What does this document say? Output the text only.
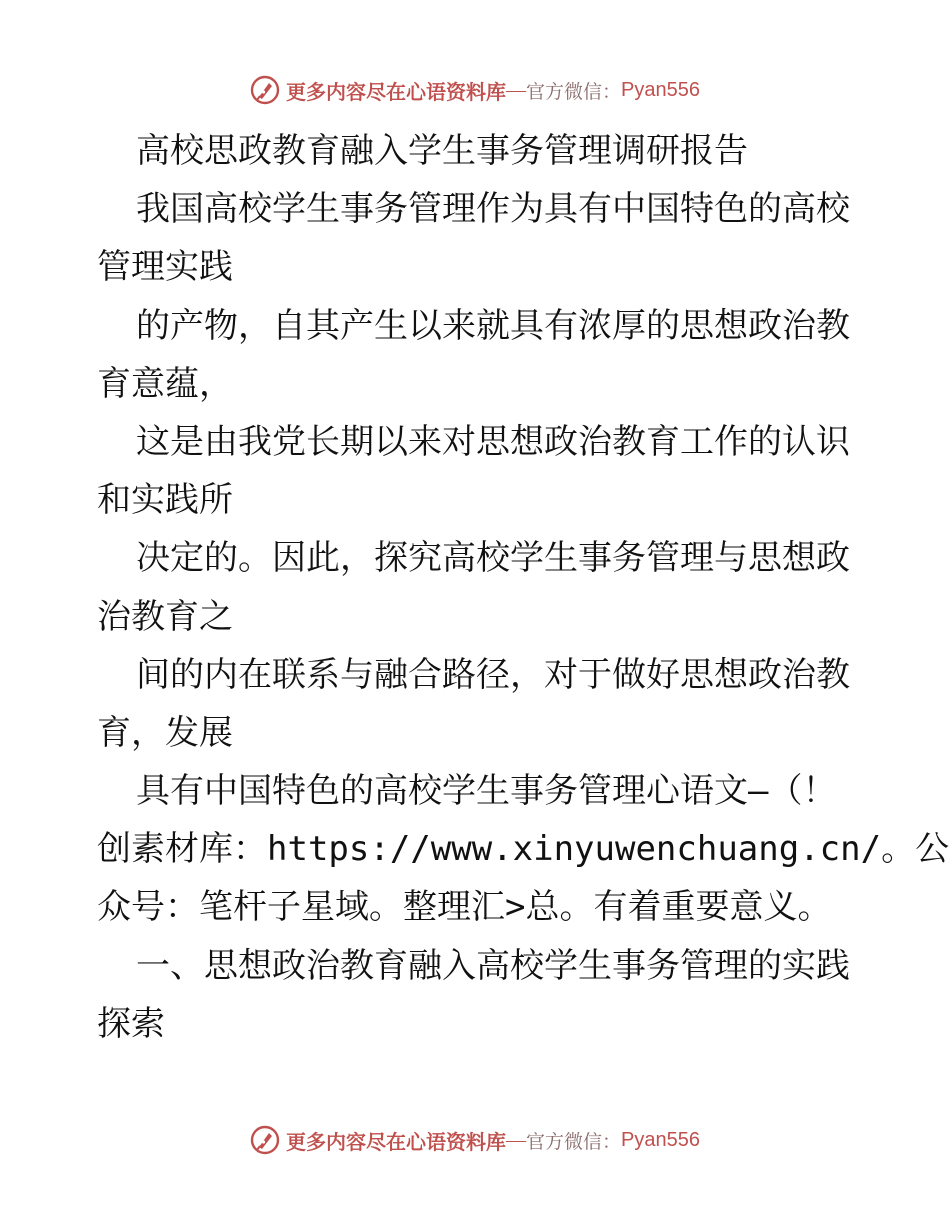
更多内容尽在心语资料库 — 官方微信： Pyan556
高校思政教育融入学生事务管理调研报告
我国高校学生事务管理作为具有中国特色的高校
管理实践
的产物，自其产生以来就具有浓厚的思想政治教
育意蕴，
这是由我党长期以来对思想政治教育工作的认识
和实践所
决定的。因此，探究高校学生事务管理与思想政
治教育之
间的内在联系与融合路径，对于做好思想政治教
育，发展
具有中国特色的高校学生事务管理心语文—（！
创素材库：https://www.xinyuwenchuang.cn/。公
众号：笔杆子星域。整理汇>总。有着重要意义。
一、思想政治教育融入高校学生事务管理的实践
探索
更多内容尽在心语资料库 — 官方微信： Pyan556
